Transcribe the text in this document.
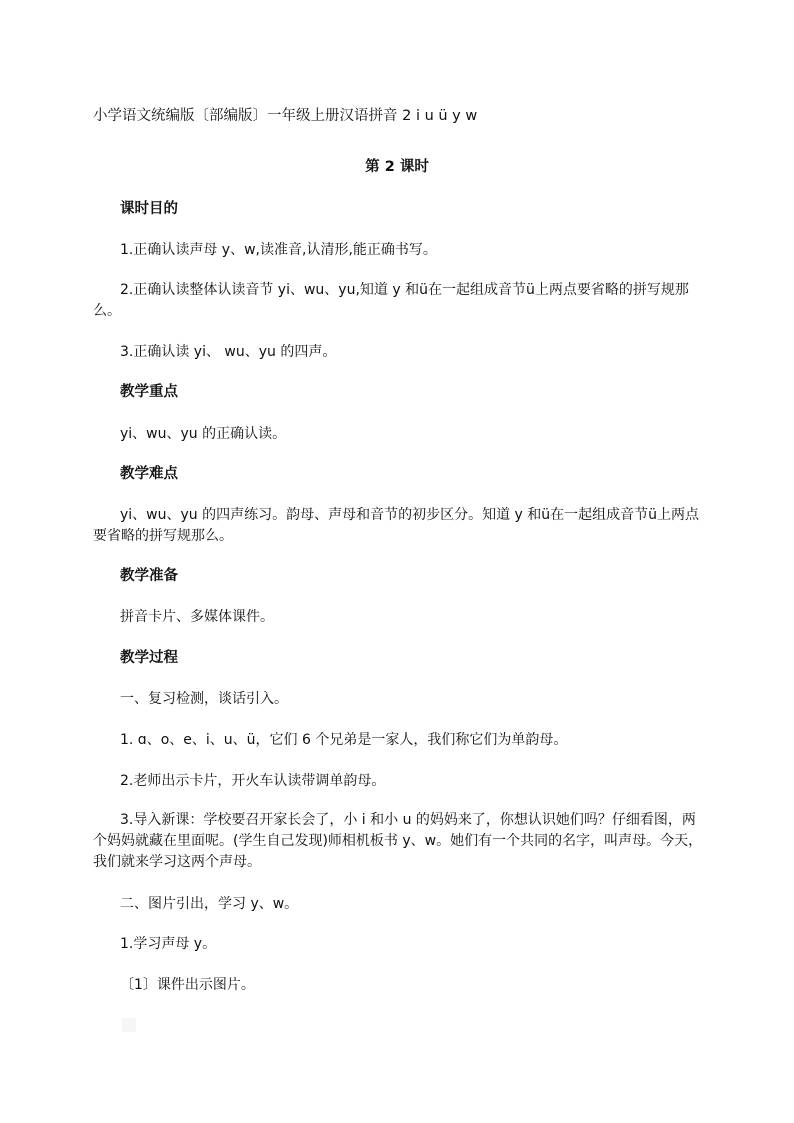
小学语文统编版〔部编版〕一年级上册汉语拼音 2 i u ü y w
第 2 课时
课时目的
1.正确认读声母 y、w,读准音,认清形,能正确书写。
2.正确认读整体认读音节 yi、wu、yu,知道 y 和ü在一起组成音节ü上两点要省略的拼写规那么。
3.正确认读 yi、 wu、yu 的四声。
教学重点
yi、wu、yu 的正确认读。
教学难点
yi、wu、yu 的四声练习。韵母、声母和音节的初步区分。知道 y 和ü在一起组成音节ü上两点要省略的拼写规那么。
教学准备
拼音卡片、多媒体课件。
教学过程
一、复习检测，谈话引入。
1. ɑ、o、e、i、u、ü，它们 6 个兄弟是一家人，我们称它们为单韵母。
2.老师出示卡片，开火车认读带调单韵母。
3.导入新课：学校要召开家长会了，小 i 和小 u 的妈妈来了，你想认识她们吗？仔细看图，两个妈妈就藏在里面呢。(学生自己发现)师相机板书 y、w。她们有一个共同的名字，叫声母。今天，我们就来学习这两个声母。
二、图片引出，学习 y、w。
1.学习声母 y。
〔1〕课件出示图片。
